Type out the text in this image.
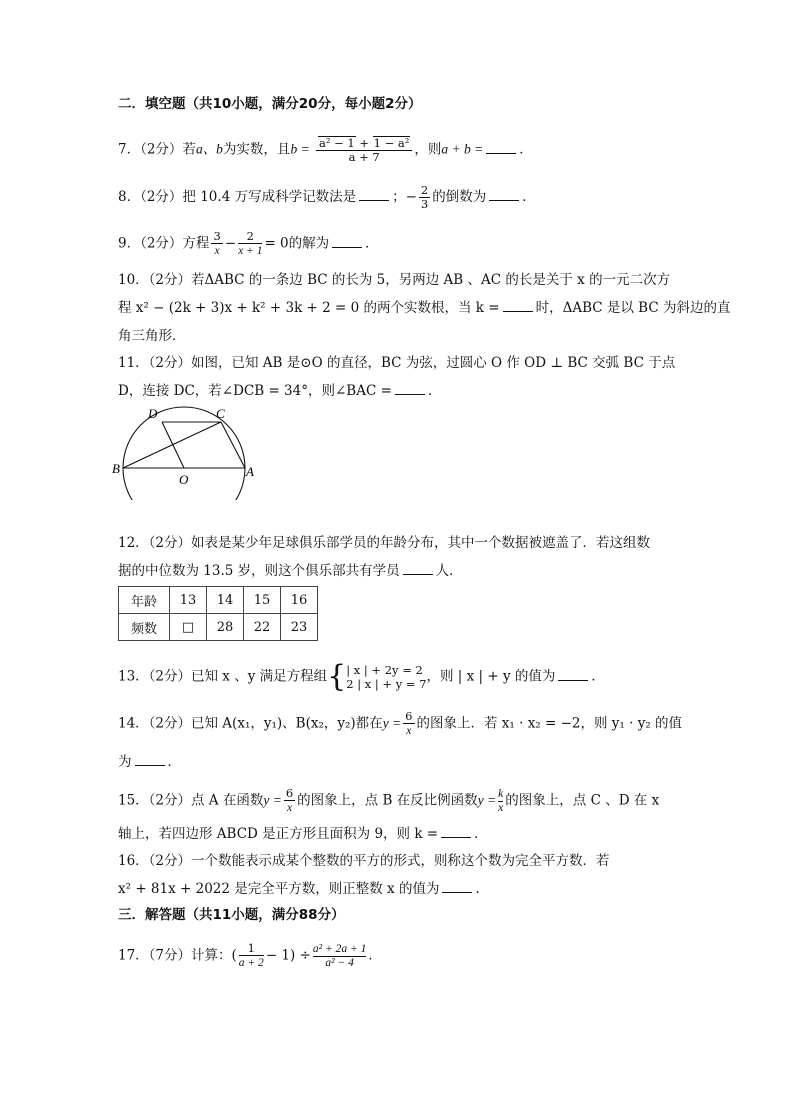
二．填空题（共10小题，满分20分，每小题2分）
7．（2分）若a、b为实数，且$b = \frac{\text{a² − 1 + 1 − a²}}{a + 7}$ ，则a + b =	．
8．（2分）把 10.4 万写成科学记数法是	；− $\frac{2}{3}$ 的倒数为	．
9．（2分）方程 $\frac{3}{x} - \frac{2}{x + 1} = 0$的解为	．
10．（2分）若ΔABC 的一条边 BC 的长为 5，另两边 AB 、AC 的长是关于 x 的一元二次方
程 x² − (2k + 3)x + k² + 3k + 2 = 0 的两个实数根，当 k =	时，ΔABC 是以 BC 为斜边的直
角三角形．
11．（2分）如图，已知 AB 是⊙O 的直径，BC 为弦，过圆心 O 作 OD ⊥ BC 交弧 BC 于点
D，连接 DC，若∠DCB = 34°，则∠BAC =	．
D	C
B
O
A
12．（2分）如表是某少年足球俱乐部学员的年龄分布，其中一个数据被遮盖了．若这组数
据的中位数为 13.5 岁，则这个俱乐部共有学员	人．
年龄	13	14	15	16
频数	□	28	22	23
13．（2分）已知 x 、y 满足方程组{ | x | + 2y = 2
2 | x | + y = 7 ，则 | x | + y 的值为	．
14．（2分）已知 A(x₁，y₁)、B(x₂，y₂)都在$y = \frac{6}{x}$ 的图象上．若 x₁ · x₂ = −2，则 y₁ · y₂ 的值
为	．
15．（2分）点 A 在函数$y = \frac{6}{x}$ 的图象上，点 B 在反比例函数$y = \frac{k}{x}$ 的图象上，点 C 、D 在 x
轴上，若四边形 ABCD 是正方形且面积为 9，则 k =	．
16．（2分）一个数能表示成某个整数的平方的形式，则称这个数为完全平方数．若
x² + 81x + 2022 是完全平方数，则正整数 x 的值为	．
三．解答题（共11小题，满分88分）
17．（7分）计算：( $\frac{1}{a + 2} - 1) \div \frac{\text{a² + 2a + 1}}{\text{a² − 4}}$ ．
